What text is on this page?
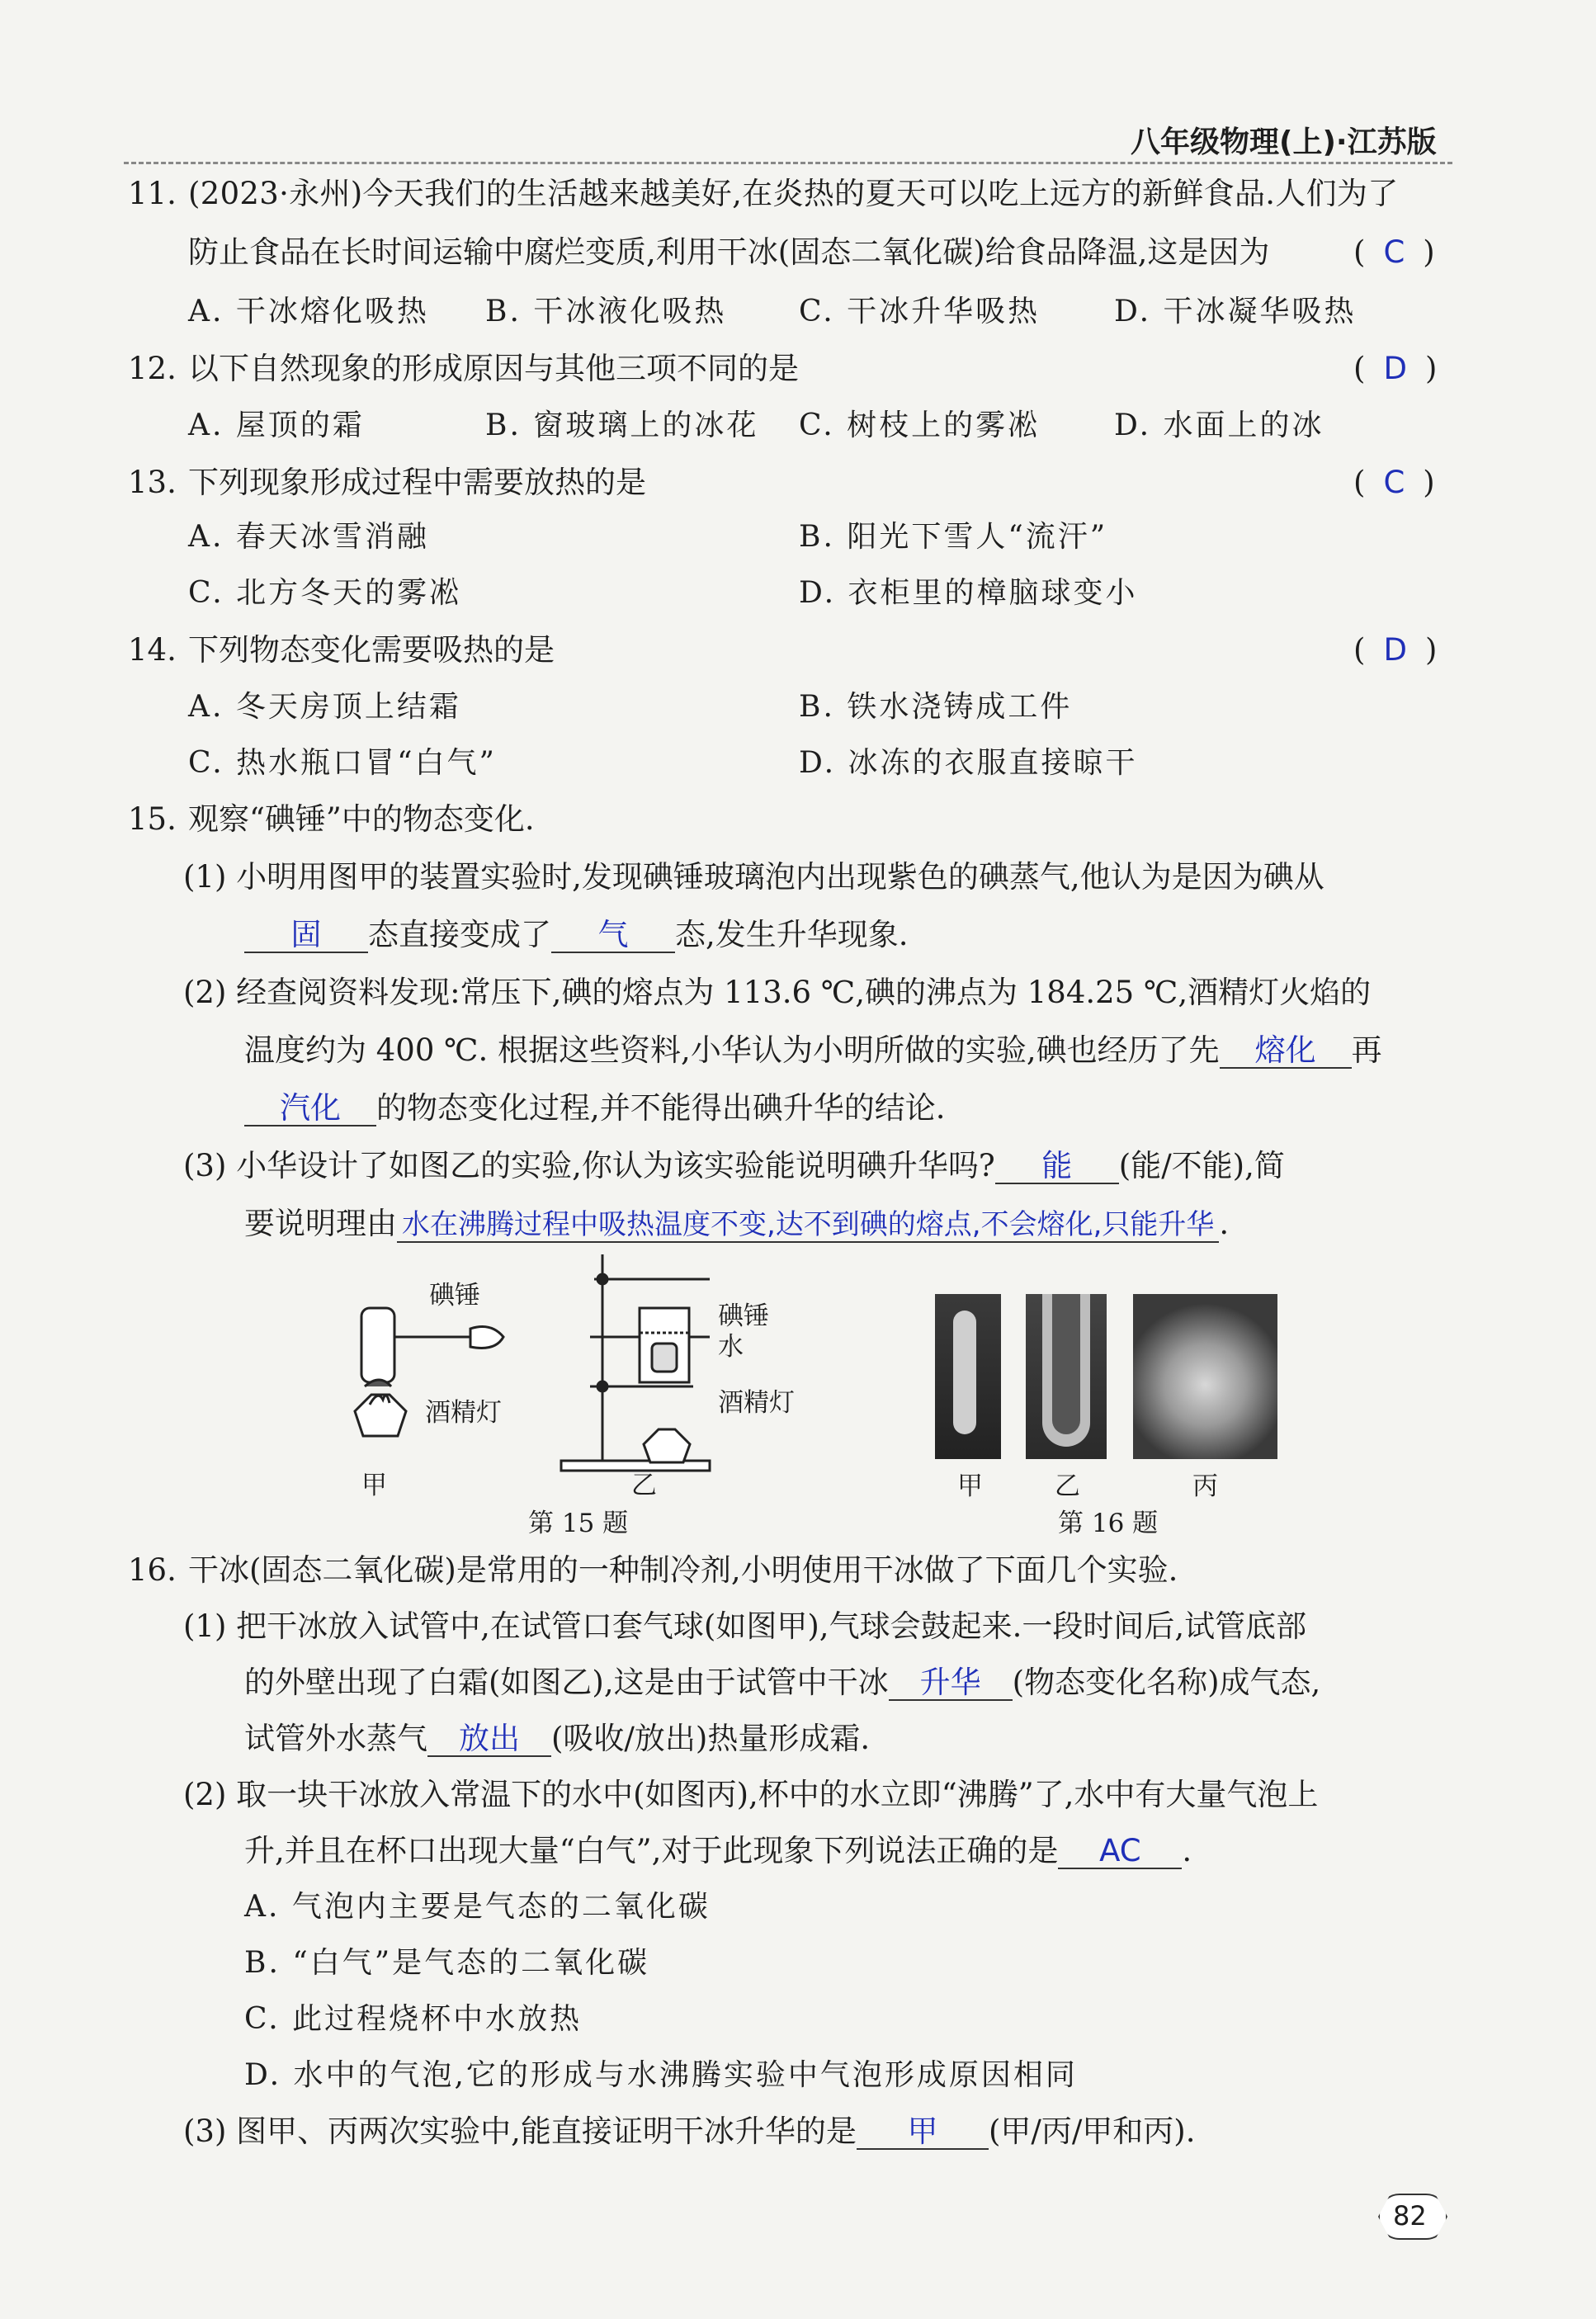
八年级物理(上)·江苏版
11. (2023·永州)今天我们的生活越来越美好,在炎热的夏天可以吃上远方的新鲜食品.人们为了
防止食品在长时间运输中腐烂变质,利用干冰(固态二氧化碳)给食品降温,这是因为	( C )
A. 干冰熔化吸热 B. 干冰液化吸热 C. 干冰升华吸热 D. 干冰凝华吸热
12. 以下自然现象的形成原因与其他三项不同的是	( D )
A. 屋顶的霜	B. 窗玻璃上的冰花 C. 树枝上的雾凇 D. 水面上的冰
13. 下列现象形成过程中需要放热的是	( C )
A. 春天冰雪消融	B. 阳光下雪人“流汗”
C. 北方冬天的雾凇	D. 衣柜里的樟脑球变小
14. 下列物态变化需要吸热的是	( D )
A. 冬天房顶上结霜	B. 铁水浇铸成工件
C. 热水瓶口冒“白气”	D. 冰冻的衣服直接晾干
15. 观察“碘锤”中的物态变化.
(1) 小明用图甲的装置实验时,发现碘锤玻璃泡内出现紫色的碘蒸气,他认为是因为碘从
固 态直接变成了 气 态,发生升华现象.
(2) 经查阅资料发现:常压下,碘的熔点为 113.6 ℃,碘的沸点为 184.25 ℃,酒精灯火焰的
温度约为 400 ℃. 根据这些资料,小华认为小明所做的实验,碘也经历了先 熔化 再
汽化 的物态变化过程,并不能得出碘升华的结论.
(3) 小华设计了如图乙的实验,你认为该实验能说明碘升华吗? 能 (能/不能),简
要说明理由 水在沸腾过程中吸热温度不变,达不到碘的熔点,不会熔化,只能升华 .
碘锤
酒精灯
碘锤
水
酒精灯
甲	乙
第 15 题
甲	乙	丙
第 16 题
16. 干冰(固态二氧化碳)是常用的一种制冷剂,小明使用干冰做了下面几个实验.
(1) 把干冰放入试管中,在试管口套气球(如图甲),气球会鼓起来.一段时间后,试管底部
的外壁出现了白霜(如图乙),这是由于试管中干冰 升华 (物态变化名称)成气态,
试管外水蒸气 放出 (吸收/放出)热量形成霜.
(2) 取一块干冰放入常温下的水中(如图丙),杯中的水立即“沸腾”了,水中有大量气泡上
升,并且在杯口出现大量“白气”,对于此现象下列说法正确的是 AC .
A. 气泡内主要是气态的二氧化碳
B. “白气”是气态的二氧化碳
C. 此过程烧杯中水放热
D. 水中的气泡,它的形成与水沸腾实验中气泡形成原因相同
(3) 图甲、丙两次实验中,能直接证明干冰升华的是 甲 (甲/丙/甲和丙).
82
